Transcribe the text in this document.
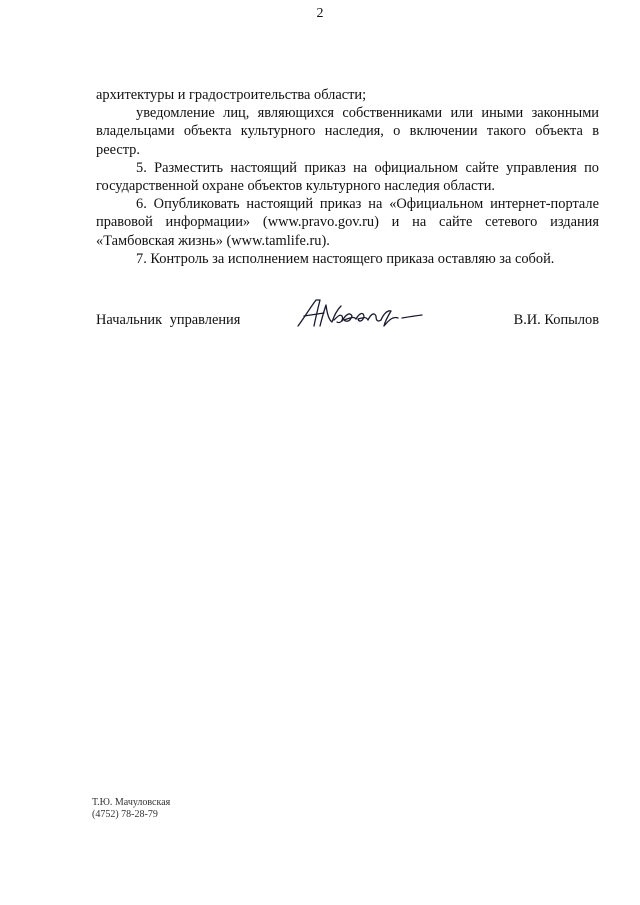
2

архитектуры и градостроительства области;

уведомление лиц, являющихся собственниками или иными законными владельцами объекта культурного наследия, о включении такого объекта в реестр.

5. Разместить настоящий приказ на официальном сайте управления по государственной охране объектов культурного наследия области.

6. Опубликовать настоящий приказ на «Официальном интернет-портале правовой информации» (www.pravo.gov.ru) и на сайте сетевого издания «Тамбовская жизнь» (www.tamlife.ru).

7. Контроль за исполнением настоящего приказа оставляю за собой.

Начальник управления	В.И. Копылов
Т.Ю. Мачуловская
(4752) 78-28-79
